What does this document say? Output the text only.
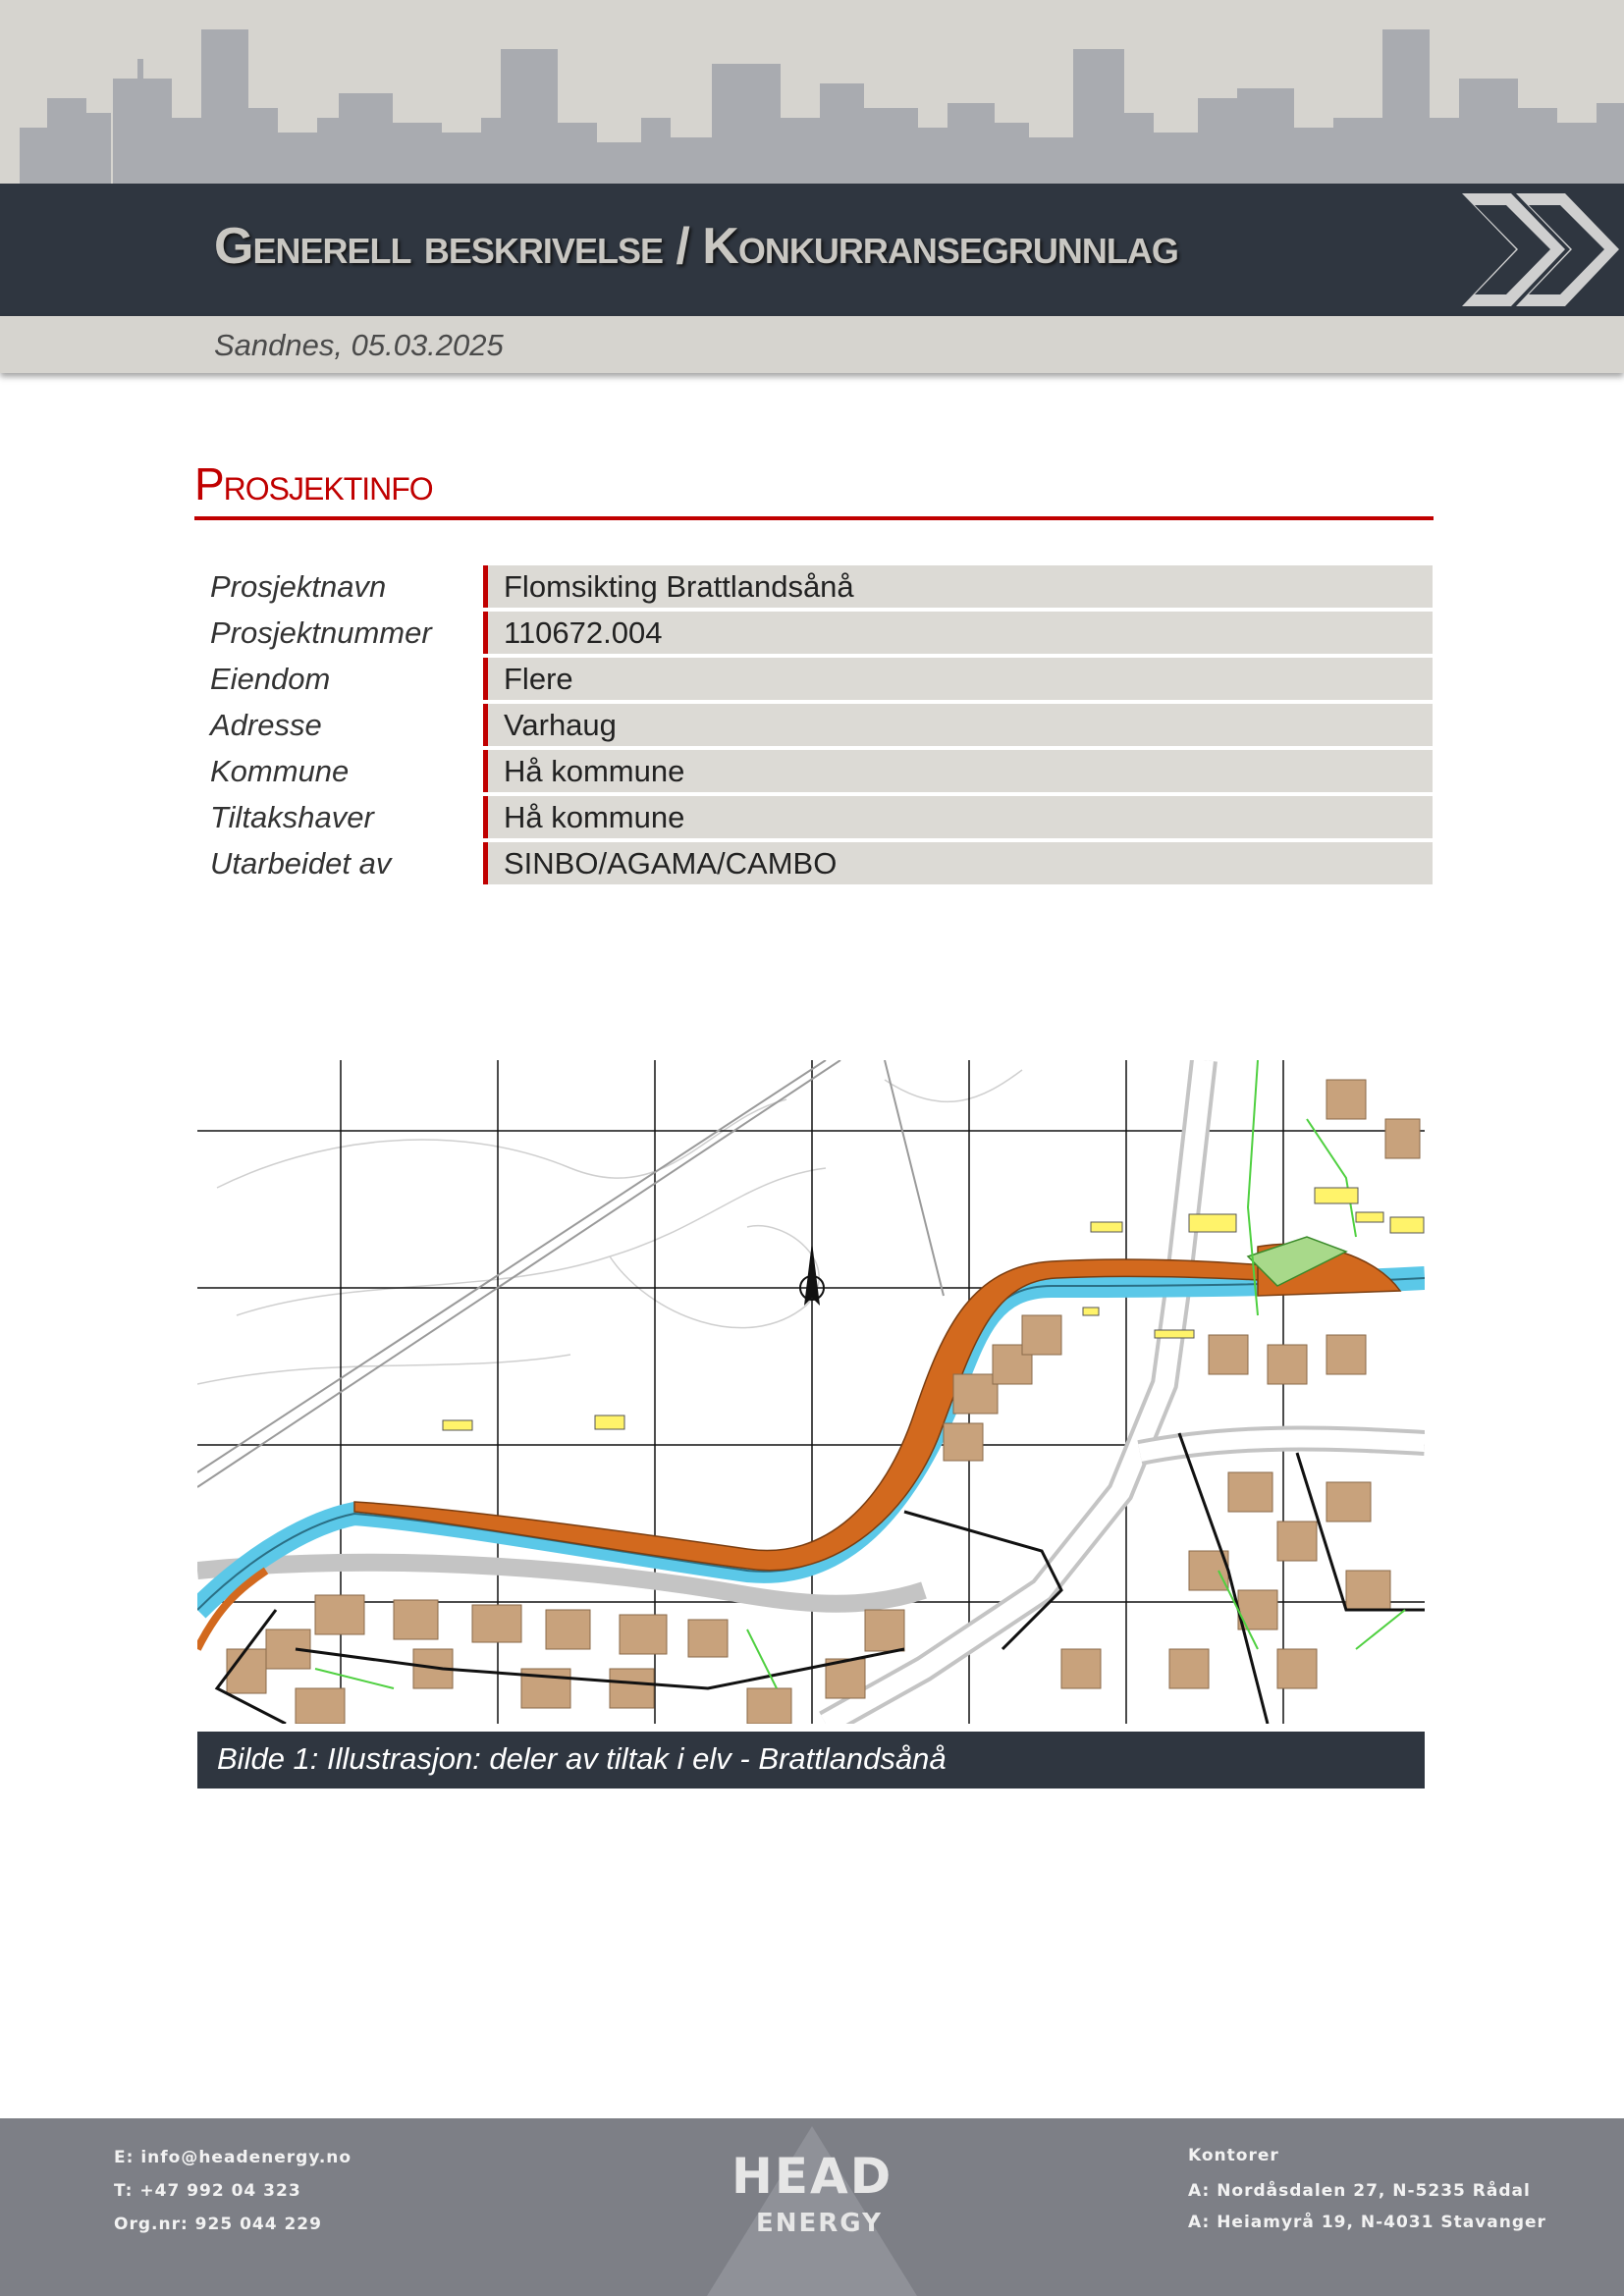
Generell beskrivelse / Konkurransegrunnlag
Sandnes, 05.03.2025
Prosjektinfo
Prosjektnavn	Flomsikting Brattlandsånå
Prosjektnummer 110672.004
Eiendom	Flere
Adresse	Varhaug
Kommune	Hå kommune
Tiltakshaver	Hå kommune
Utarbeidet av	SINBO/AGAMA/CAMBO
Bilde 1: Illustrasjon: deler av tiltak i elv - Brattlandsånå
E: info@headenergy.no
T: +47 992 04 323
Org.nr: 925 044 229
HEAD
ENERGY
Kontorer
A: Nordåsdalen 27, N-5235 Rådal
A: Heiamyrå 19, N-4031 Stavanger
